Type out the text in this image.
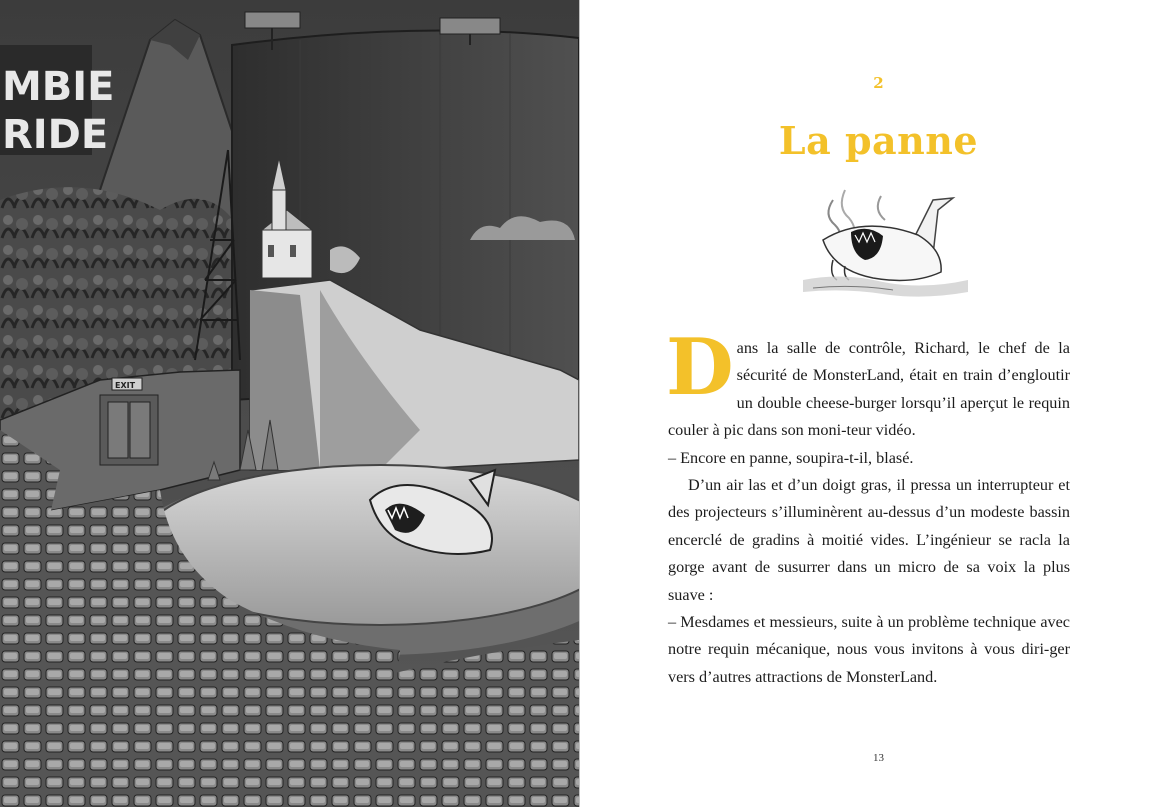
MBIE
RIDE
EXIT
2
La panne

Dans la salle de contrôle, Richard, le chef de la sécurité de MonsterLand, était en train d’engloutir un double cheese-burger lorsqu’il aperçut le requin couler à pic dans son moni-teur vidéo.

– Encore en panne, soupira-t-il, blasé.

D’un air las et d’un doigt gras, il pressa un interrupteur et des projecteurs s’illuminèrent au-dessus d’un modeste bassin encerclé de gradins à moitié vides. L’ingénieur se racla la gorge avant de susurrer dans un micro de sa voix la plus suave :

– Mesdames et messieurs, suite à un problème technique avec notre requin mécanique, nous vous invitons à vous diri-ger vers d’autres attractions de MonsterLand.

13
